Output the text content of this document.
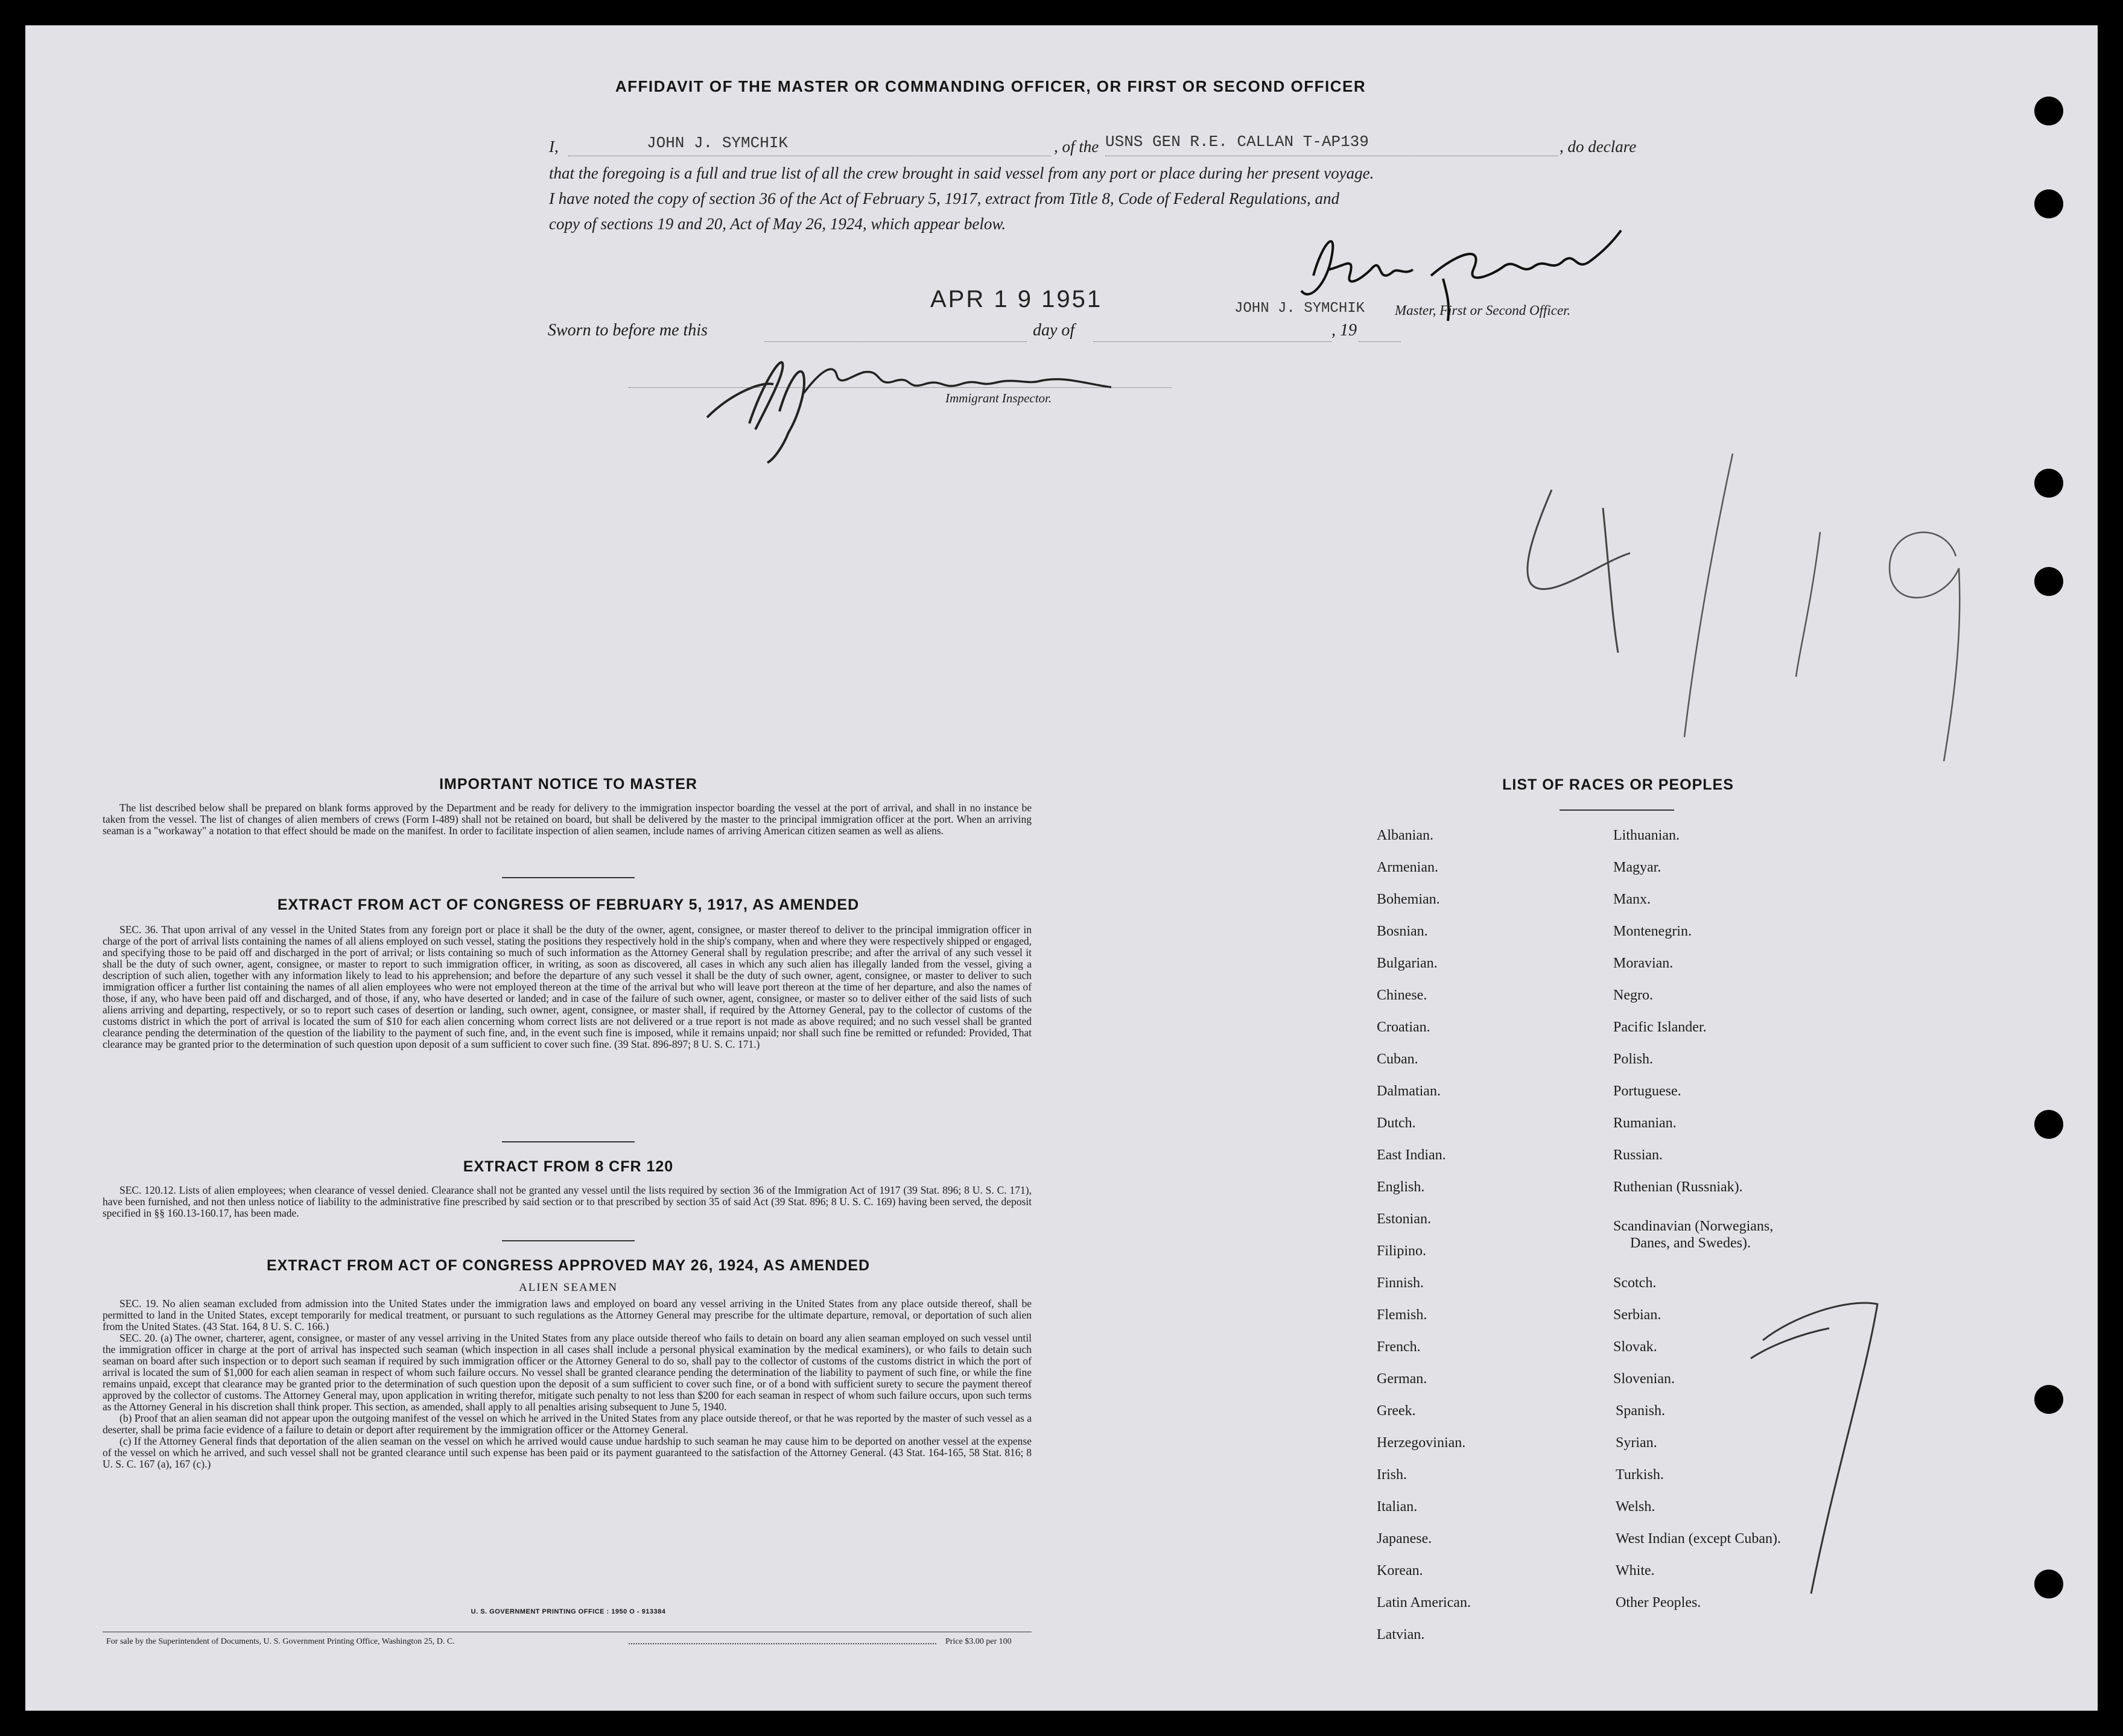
AFFIDAVIT OF THE MASTER OR COMMANDING OFFICER, OR FIRST OR SECOND OFFICER
I,	JOHN J. SYMCHIK	, of the USNS GEN R.E. CALLAN T-AP139	, do declare
that the foregoing is a full and true list of all the crew brought in said vessel from any port or place during her present voyage.
I have noted the copy of section 36 of the Act of February 5, 1917, extract from Title 8, Code of Federal Regulations, and
copy of sections 19 and 20, Act of May 26, 1924, which appear below.
APR 1 9 1951	JOHN J. SYMCHIK Master, First or Second Officer.
Sworn to before me this	day of	, 19
Immigrant Inspector.
IMPORTANT NOTICE TO MASTER
The list described below shall be prepared on blank forms approved by the Department and be ready for delivery to the immigration inspector boarding the vessel at the port of arrival, and shall in no instance be taken from the vessel. The list of changes of alien members of crews (Form I-489) shall not be retained on board, but shall be delivered by the master to the principal immigration officer at the port. When an arriving seaman is a "workaway" a notation to that effect should be made on the manifest. In order to facilitate inspection of alien seamen, include names of arriving American citizen seamen as well as aliens.
EXTRACT FROM ACT OF CONGRESS OF FEBRUARY 5, 1917, AS AMENDED
SEC. 36. That upon arrival of any vessel in the United States from any foreign port or place it shall be the duty of the owner, agent, consignee, or master thereof to deliver to the principal immigration officer in charge of the port of arrival lists containing the names of all aliens employed on such vessel, stating the positions they respectively hold in the ship's company, when and where they were respectively shipped or engaged, and specifying those to be paid off and discharged in the port of arrival; or lists containing so much of such information as the Attorney General shall by regulation prescribe; and after the arrival of any such vessel it shall be the duty of such owner, agent, consignee, or master to report to such immigration officer, in writing, as soon as discovered, all cases in which any such alien has illegally landed from the vessel, giving a description of such alien, together with any information likely to lead to his apprehension; and before the departure of any such vessel it shall be the duty of such owner, agent, consignee, or master to deliver to such immigration officer a further list containing the names of all alien employees who were not employed thereon at the time of the arrival but who will leave port thereon at the time of her departure, and also the names of those, if any, who have been paid off and discharged, and of those, if any, who have deserted or landed; and in case of the failure of such owner, agent, consignee, or master so to deliver either of the said lists of such aliens arriving and departing, respectively, or so to report such cases of desertion or landing, such owner, agent, consignee, or master shall, if required by the Attorney General, pay to the collector of customs of the customs district in which the port of arrival is located the sum of $10 for each alien concerning whom correct lists are not delivered or a true report is not made as above required; and no such vessel shall be granted clearance pending the determination of the question of the liability to the payment of such fine, and, in the event such fine is imposed, while it remains unpaid; nor shall such fine be remitted or refunded: Provided, That clearance may be granted prior to the determination of such question upon deposit of a sum sufficient to cover such fine. (39 Stat. 896-897; 8 U. S. C. 171.)
EXTRACT FROM 8 CFR 120
SEC. 120.12. Lists of alien employees; when clearance of vessel denied. Clearance shall not be granted any vessel until the lists required by section 36 of the Immigration Act of 1917 (39 Stat. 896; 8 U. S. C. 171), have been furnished, and not then unless notice of liability to the administrative fine prescribed by said section or to that prescribed by section 35 of said Act (39 Stat. 896; 8 U. S. C. 169) having been served, the deposit specified in §§ 160.13-160.17, has been made.
EXTRACT FROM ACT OF CONGRESS APPROVED MAY 26, 1924, AS AMENDED
ALIEN SEAMEN

SEC. 19. No alien seaman excluded from admission into the United States under the immigration laws and employed on board any vessel arriving in the United States from any place outside thereof, shall be permitted to land in the United States, except temporarily for medical treatment, or pursuant to such regulations as the Attorney General may prescribe for the ultimate departure, removal, or deportation of such alien from the United States. (43 Stat. 164, 8 U. S. C. 166.)

SEC. 20. (a) The owner, charterer, agent, consignee, or master of any vessel arriving in the United States from any place outside thereof who fails to detain on board any alien seaman employed on such vessel until the immigration officer in charge at the port of arrival has inspected such seaman (which inspection in all cases shall include a personal physical examination by the medical examiners), or who fails to detain such seaman on board after such inspection or to deport such seaman if required by such immigration officer or the Attorney General to do so, shall pay to the collector of customs of the customs district in which the port of arrival is located the sum of $1,000 for each alien seaman in respect of whom such failure occurs. No vessel shall be granted clearance pending the determination of the liability to payment of such fine, or while the fine remains unpaid, except that clearance may be granted prior to the determination of such question upon the deposit of a sum sufficient to cover such fine, or of a bond with sufficient surety to secure the payment thereof approved by the collector of customs. The Attorney General may, upon application in writing therefor, mitigate such penalty to not less than $200 for each seaman in respect of whom such failure occurs, upon such terms as the Attorney General in his discretion shall think proper. This section, as amended, shall apply to all penalties arising subsequent to June 5, 1940.

(b) Proof that an alien seaman did not appear upon the outgoing manifest of the vessel on which he arrived in the United States from any place outside thereof, or that he was reported by the master of such vessel as a deserter, shall be prima facie evidence of a failure to detain or deport after requirement by the immigration officer or the Attorney General.

(c) If the Attorney General finds that deportation of the alien seaman on the vessel on which he arrived would cause undue hardship to such seaman he may cause him to be deported on another vessel at the expense of the vessel on which he arrived, and such vessel shall not be granted clearance until such expense has been paid or its payment guaranteed to the satisfaction of the Attorney General. (43 Stat. 164-165, 58 Stat. 816; 8 U. S. C. 167 (a), 167 (c).)

U. S. GOVERNMENT PRINTING OFFICE : 1950 O - 913384
For sale by the Superintendent of Documents, U. S. Government Printing Office, Washington 25, D. C.	Price $3.00 per 100
LIST OF RACES OR PEOPLES
Albanian.
Armenian.
Bohemian.
Bosnian.
Bulgarian.
Chinese.
Croatian.
Cuban.
Dalmatian.
Dutch.
East Indian.
English.
Estonian.
Filipino.
Finnish.
Flemish.
French.
German.
Greek.
Herzegovinian.
Irish.
Italian.
Japanese.
Korean.
Latin American.
Latvian.
Lithuanian.
Magyar.
Manx.
Montenegrin.
Moravian.
Negro.
Pacific Islander.
Polish.
Portuguese.
Rumanian.
Russian.
Ruthenian (Russniak).
Scandinavian (Norwegians,
Danes, and Swedes).
Scotch.
Serbian.
Slovak.
Slovenian.
Spanish.
Syrian.
Turkish.
Welsh.
West Indian (except Cuban).
White.
Other Peoples.
